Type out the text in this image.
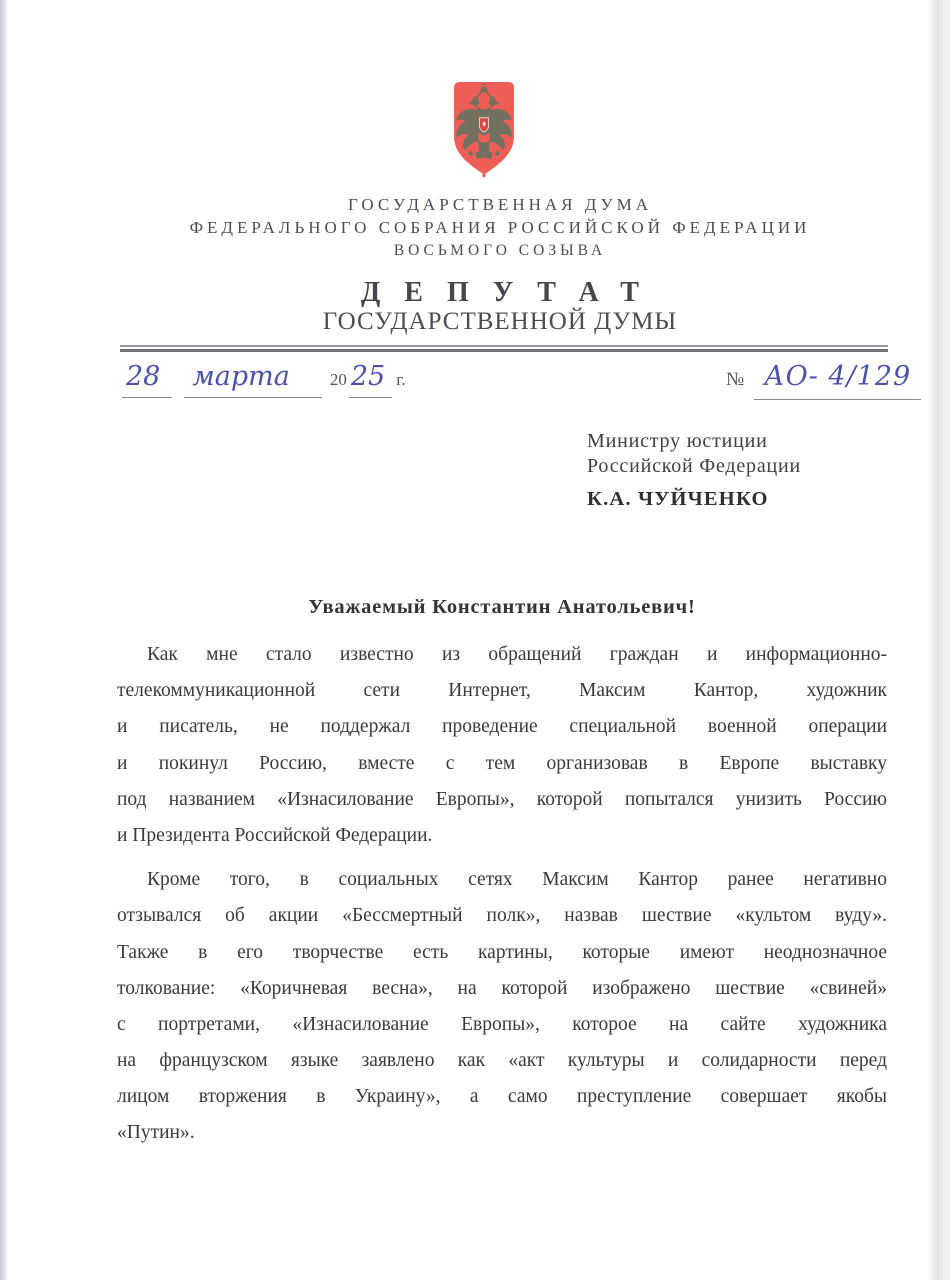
ГОСУДАРСТВЕННАЯ ДУМА
ФЕДЕРАЛЬНОГО СОБРАНИЯ РОССИЙСКОЙ ФЕДЕРАЦИИ
ВОСЬМОГО СОЗЫВА
ДЕПУТАТ
ГОСУДАРСТВЕННОЙ ДУМЫ
28	марта	20 25 г.	№ АО- 4/129
Министру юстиции
Российской Федерации
К.А. ЧУЙЧЕНКО
Уважаемый Константин Анатольевич!
Как мне стало известно из обращений граждан и информационно-
телекоммуникационной сети Интернет, Максим Кантор, художник
и писатель, не поддержал проведение специальной военной операции
и покинул Россию, вместе с тем организовав в Европе выставку
под названием «Изнасилование Европы», которой попытался унизить Россию
и Президента Российской Федерации.
Кроме того, в социальных сетях Максим Кантор ранее негативно
отзывался об акции «Бессмертный полк», назвав шествие «культом вуду».
Также в его творчестве есть картины, которые имеют неоднозначное
толкование: «Коричневая весна», на которой изображено шествие «свиней»
с портретами, «Изнасилование Европы», которое на сайте художника
на французском языке заявлено как «акт культуры и солидарности перед
лицом вторжения в Украину», а само преступление совершает якобы
«Путин».
